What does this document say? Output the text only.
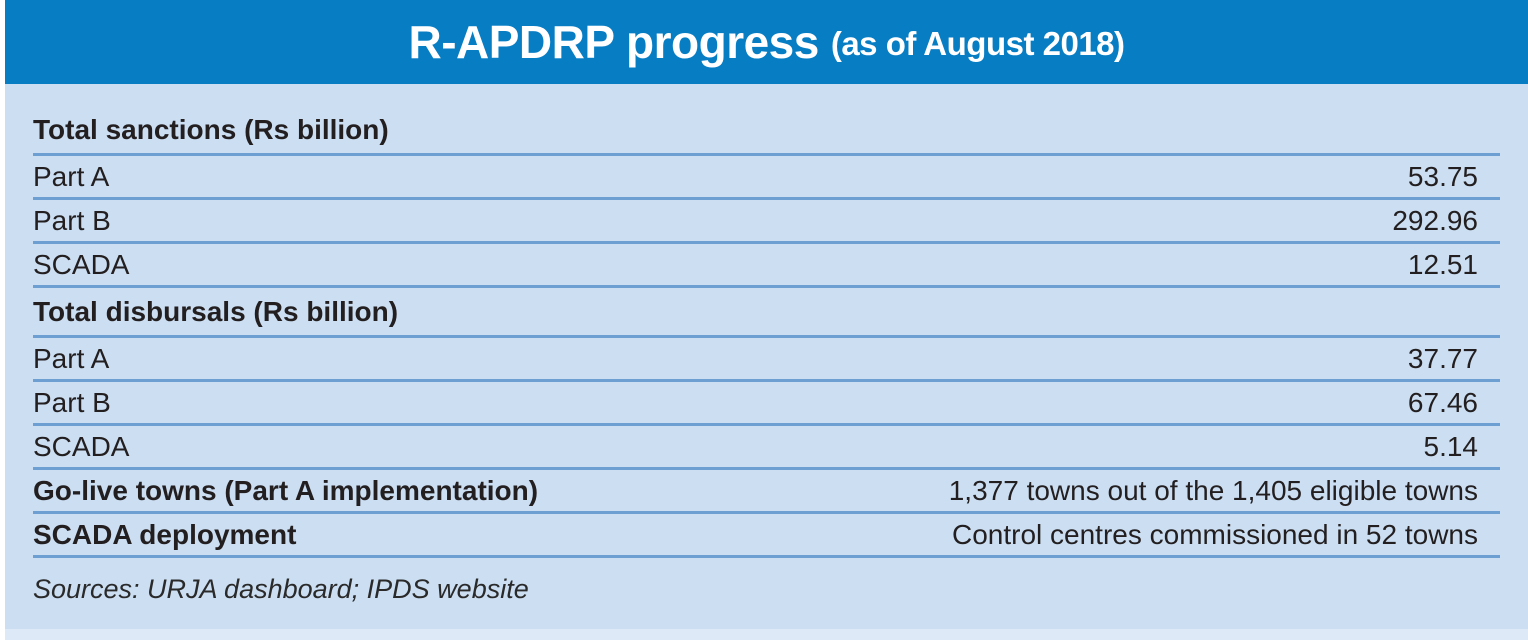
R-APDRP progress (as of August 2018)
Total sanctions (Rs billion)
Part A	53.75
Part B	292.96
SCADA	12.51
Total disbursals (Rs billion)
Part A	37.77
Part B	67.46
SCADA	5.14
Go-live towns (Part A implementation)	1,377 towns out of the 1,405 eligible towns
SCADA deployment	Control centres commissioned in 52 towns
Sources: URJA dashboard; IPDS website
